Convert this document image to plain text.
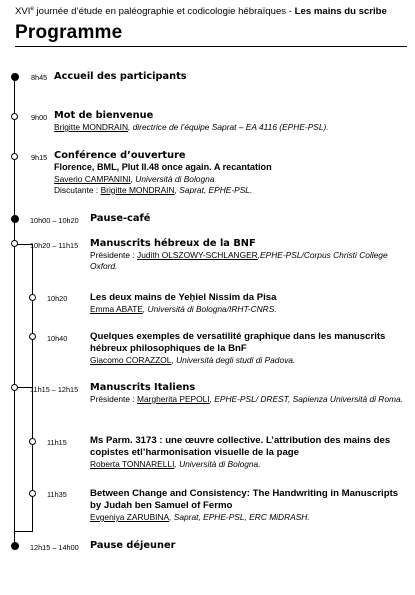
XVIe journée d’étude en paléographie et codicologie hébraïques - Les mains du scribe
Programme
8h45 Accueil des participants
9h00 Mot de bienvenue
Brigitte MONDRAIN, directrice de l’équipe Saprat – EA 4116 (EPHE-PSL).
9h15 Conférence d’ouverture
Florence, BML, Plut II.48 once again. A recantation
Saverio CAMPANINI, Università di Bologna
Discutante : Brigitte MONDRAIN, Saprat, EPHE-PSL.
10h00 – 10h20 Pause-café
10h20 – 11h15 Manuscrits hébreux de la BNF
Présidente : Judith OLSZOWY-SCHLANGER,EPHE-PSL/Corpus Christi College Oxford.
10h20 Les deux mains de Yeḥiel Nissim da Pisa
Emma ABATE, Università di Bologna/IRHT-CNRS.
10h40 Quelques exemples de versatilité graphique dans les manuscrits hébreux philosophiques de la BnF
Giacomo CORAZZOL, Università degli studi di Padova.
11h15 – 12h15 Manuscrits Italiens
Présidente : Margherita PEPOLI, EPHE-PSL/ DREST, Sapienza Università di Roma.
11h15 Ms Parm. 3173 : une œuvre collective. L’attribution des mains des copistes etl’harmonisation visuelle de la page
Roberta TONNARELLI, Università di Bologna.
11h35 Between Change and Consistency: The Handwriting in Manuscripts by Judah ben Samuel of Fermo
Evgeniya ZARUBINA, Saprat, EPHE-PSL, ERC MiDRASH.
12h15 – 14h00 Pause déjeuner
